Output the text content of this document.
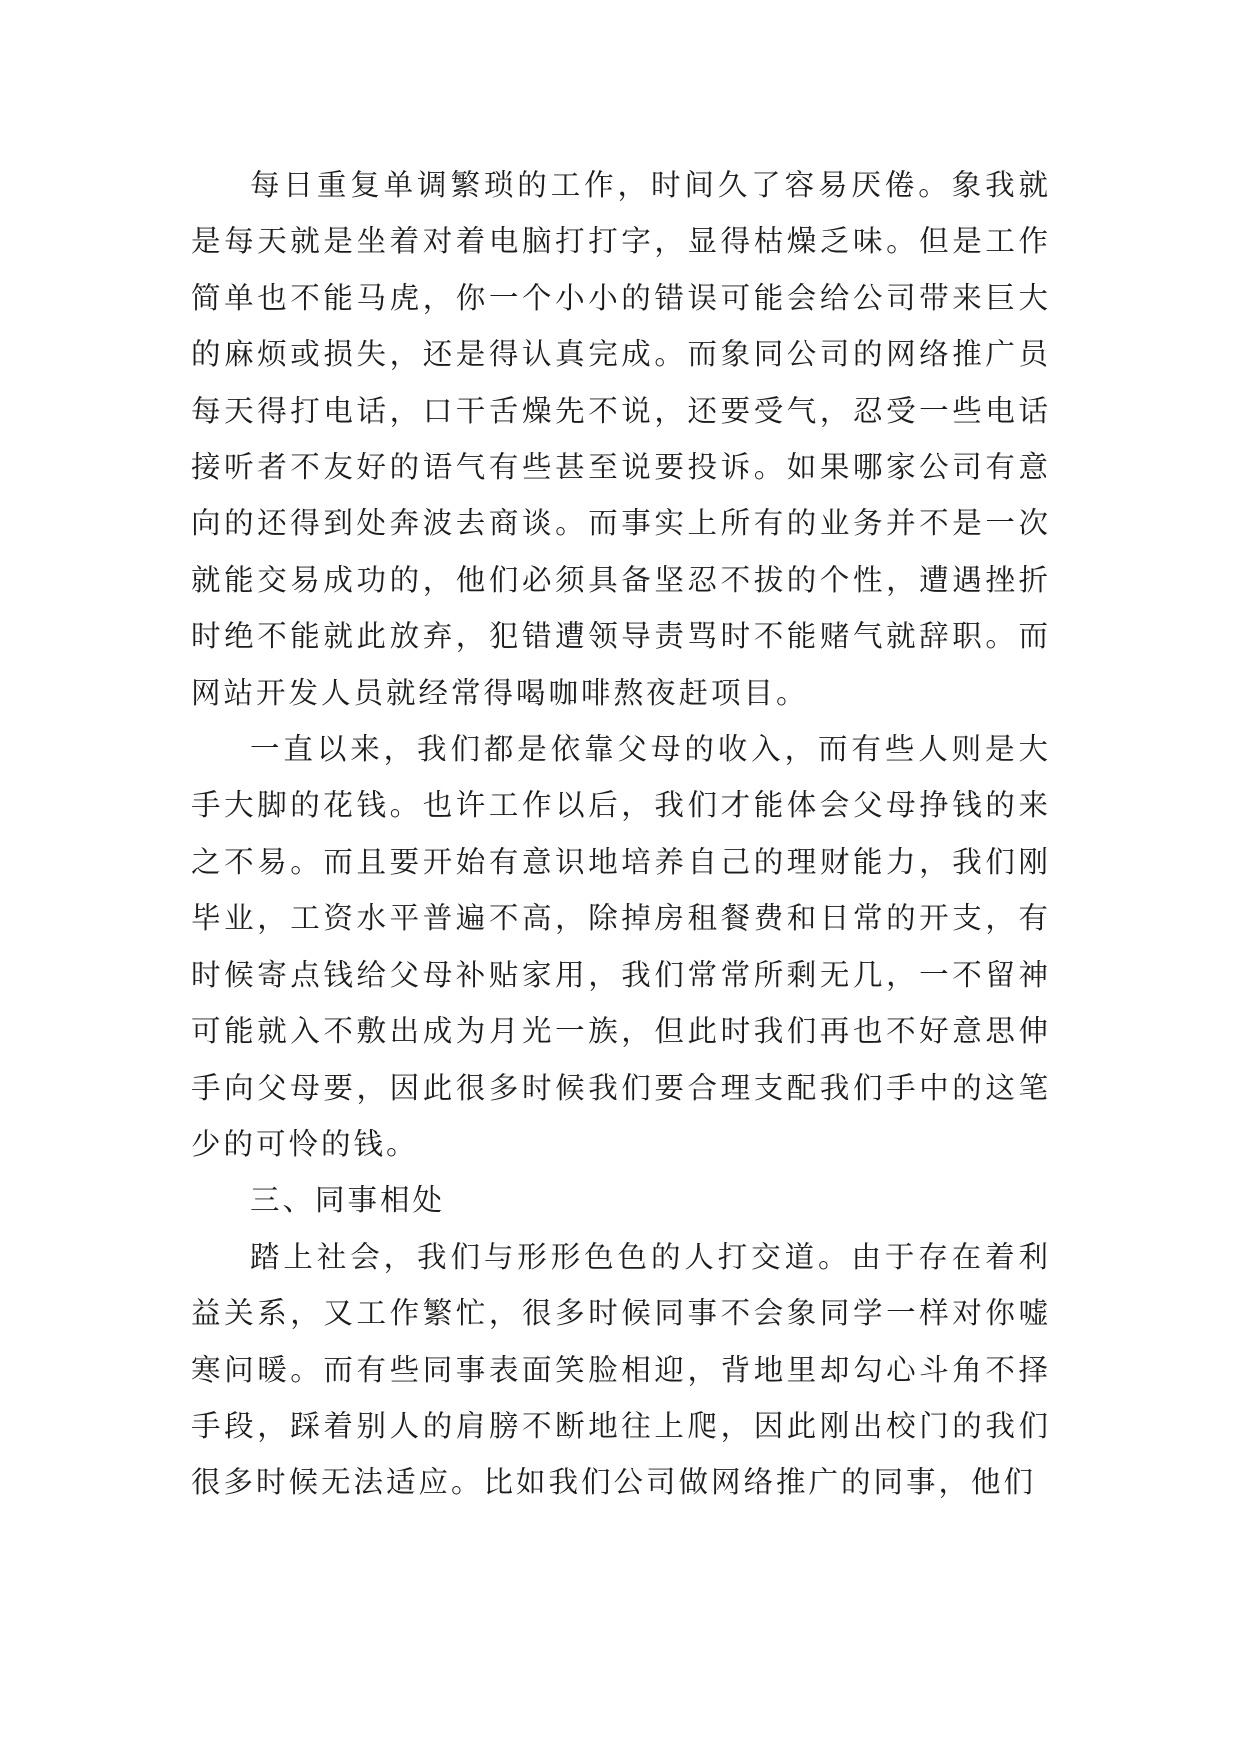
每日重复单调繁琐的工作，时间久了容易厌倦。象我就是每天就是坐着对着电脑打打字，显得枯燥乏味。但是工作简单也不能马虎，你一个小小的错误可能会给公司带来巨大的麻烦或损失，还是得认真完成。而象同公司的网络推广员每天得打电话，口干舌燥先不说，还要受气，忍受一些电话接听者不友好的语气有些甚至说要投诉。如果哪家公司有意向的还得到处奔波去商谈。而事实上所有的业务并不是一次就能交易成功的，他们必须具备坚忍不拔的个性，遭遇挫折时绝不能就此放弃，犯错遭领导责骂时不能赌气就辞职。而网站开发人员就经常得喝咖啡熬夜赶项目。

一直以来，我们都是依靠父母的收入，而有些人则是大手大脚的花钱。也许工作以后，我们才能体会父母挣钱的来之不易。而且要开始有意识地培养自己的理财能力，我们刚毕业，工资水平普遍不高，除掉房租餐费和日常的开支，有时候寄点钱给父母补贴家用，我们常常所剩无几，一不留神可能就入不敷出成为月光一族，但此时我们再也不好意思伸手向父母要，因此很多时候我们要合理支配我们手中的这笔少的可怜的钱。

三、同事相处

踏上社会，我们与形形色色的人打交道。由于存在着利益关系，又工作繁忙，很多时候同事不会象同学一样对你嘘寒问暖。而有些同事表面笑脸相迎，背地里却勾心斗角不择手段，踩着别人的肩膀不断地往上爬，因此刚出校门的我们很多时候无法适应。比如我们公司做网络推广的同事，他们
